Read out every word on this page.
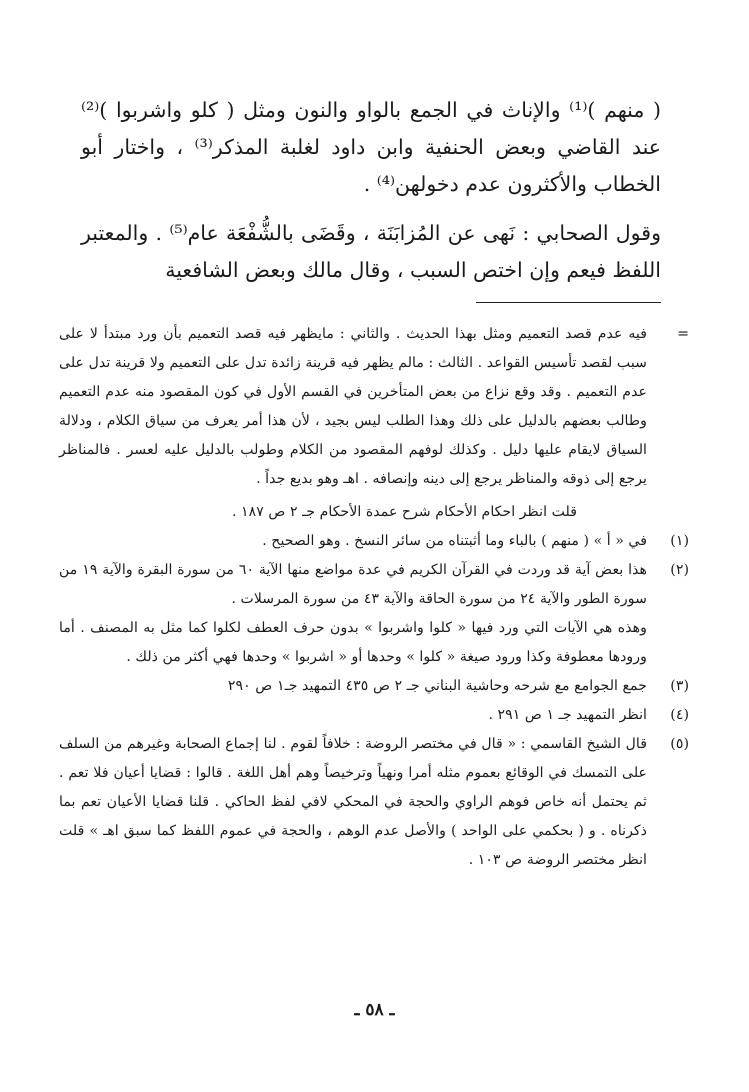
( منهم )⁽¹⁾ والإناث في الجمع بالواو والنون ومثل ( كلو واشربوا )⁽²⁾ عند القاضي وبعض الحنفية وابن داود لغلبة المذكر⁽³⁾ ، واختار أبو الخطاب والأكثرون عدم دخولهن⁽⁴⁾ .

وقول الصحابي : نَهى عن المُزابَنَة ، وقَضَى بالشُّفْعَة عام⁽⁵⁾ . والمعتبر اللفظ فيعم وإن اختص السبب ، وقال مالك وبعض الشافعية

=
فيه عدم قصد التعميم ومثل بهذا الحديث . والثاني : مايظهر فيه قصد التعميم بأن ورد مبتدأ لا على سبب لقصد تأسيس القواعد . الثالث : مالم يظهر فيه قرينة زائدة تدل على التعميم ولا قرينة تدل على عدم التعميم . وقد وقع نزاع من بعض المتأخرين في القسم الأول في كون المقصود منه عدم التعميم وطالب بعضهم بالدليل على ذلك وهذا الطلب ليس بجيد ، لأن هذا أمر يعرف من سياق الكلام ، ودلالة السياق لايقام عليها دليل . وكذلك لوفهم المقصود من الكلام وطولب بالدليل عليه لعسر . فالمناظر يرجع إلى ذوقه والمناظر يرجع إلى دينه وإنصافه . اهـ وهو بديع جداً .
قلت انظر احكام الأحكام شرح عمدة الأحكام جـ ٢ ص ١٨٧ .
(١)
في « أ » ( منهم ) بالباء وما أثبتناه من سائر النسخ . وهو الصحيح .
(٢)
هذا بعض آية قد وردت في القرآن الكريم في عدة مواضع منها الآية ٦٠ من سورة البقرة والآية ١٩ من سورة الطور والآية ٢٤ من سورة الحاقة والآية ٤٣ من سورة المرسلات .
وهذه هي الآيات التي ورد فيها « كلوا واشربوا » بدون حرف العطف لكلوا كما مثل به المصنف . أما ورودها معطوفة وكذا ورود صيغة « كلوا » وحدها أو « اشربوا » وحدها فهي أكثر من ذلك .
(٣)
جمع الجوامع مع شرحه وحاشية البناني جـ ٢ ص ٤٣٥ التمهيد جـ١ ص ٢٩٠
(٤)
انظر التمهيد جـ ١ ص ٢٩١ .
(٥)
قال الشيخ القاسمي : « قال في مختصر الروضة : خلافاً لقوم . لنا إجماع الصحابة وغيرهم من السلف على التمسك في الوقائع بعموم مثله أمرا ونهياً وترخيصاً وهم أهل اللغة . قالوا : قضايا أعيان فلا تعم . ثم يحتمل أنه خاص فوهم الراوي والحجة في المحكي لافي لفظ الحاكي . قلنا قضايا الأعيان تعم بما ذكرناه . و ( بحكمي على الواحد ) والأصل عدم الوهم ، والحجة في عموم اللفظ كما سبق اهـ » قلت انظر مختصر الروضة ص ١٠٣ .
ـ ٥٨ ـ
